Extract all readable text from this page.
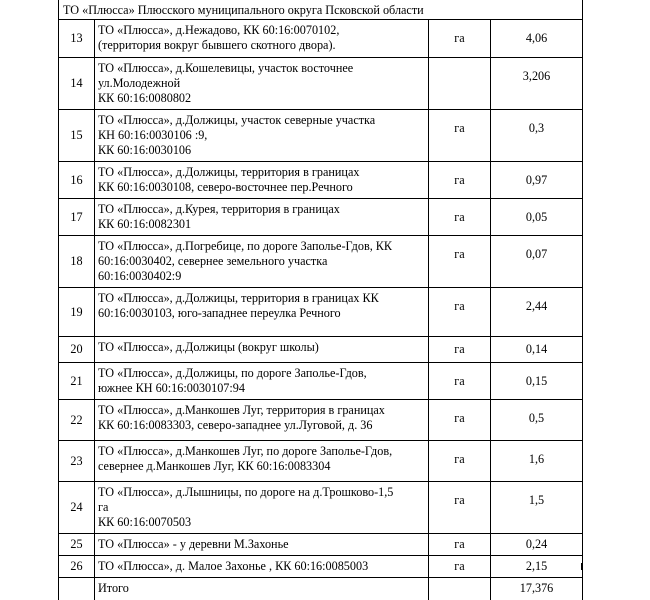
ТО «Плюсса» Плюсского муниципального округа Псковской области			
13	ТО «Плюсса», д.Нежадово, КК 60:16:0070102,
(территория вокруг бывшего скотного двора).	га	4,06
14	ТО «Плюсса», д.Кошелевицы, участок восточнее
ул.Молодежной
КК 60:16:0080802		3,206
15	ТО «Плюсса», д.Должицы, участок северные участка
КН 60:16:0030106 :9,
КК 60:16:0030106	га	0,3
16	ТО «Плюсса», д.Должицы, территория в границах
КК 60:16:0030108, северо-восточнее пер.Речного	га	0,97
17	ТО «Плюсса», д.Курея, территория в границах
КК 60:16:0082301	га	0,05
18	ТО «Плюсса», д.Погребице, по дороге Заполье-Гдов, КК
60:16:0030402, севернее земельного участка
60:16:0030402:9	га	0,07
19	ТО «Плюсса», д.Должицы, территория в границах КК
60:16:0030103, юго-западнее переулка Речного	га	2,44
20	ТО «Плюсса», д.Должицы (вокруг школы)	га	0,14
21	ТО «Плюсса», д.Должицы, по дороге Заполье-Гдов,
южнее КН 60:16:0030107:94	га	0,15
22	ТО «Плюсса», д.Манкошев Луг, территория в границах
КК 60:16:0083303, северо-западнее ул.Луговой, д. 36	га	0,5
23	ТО «Плюсса», д.Манкошев Луг, по дороге Заполье-Гдов,
севернее д.Манкошев Луг, КК 60:16:0083304	га	1,6
24	ТО «Плюсса», д.Лышницы, по дороге на д.Трошково-1,5
га
КК 60:16:0070503	га	1,5
25	ТО «Плюсса» - у деревни М.Захонье	га	0,24
26	ТО «Плюсса», д. Малое Захонье , КК 60:16:0085003	га	2,15
	Итого		17,376
